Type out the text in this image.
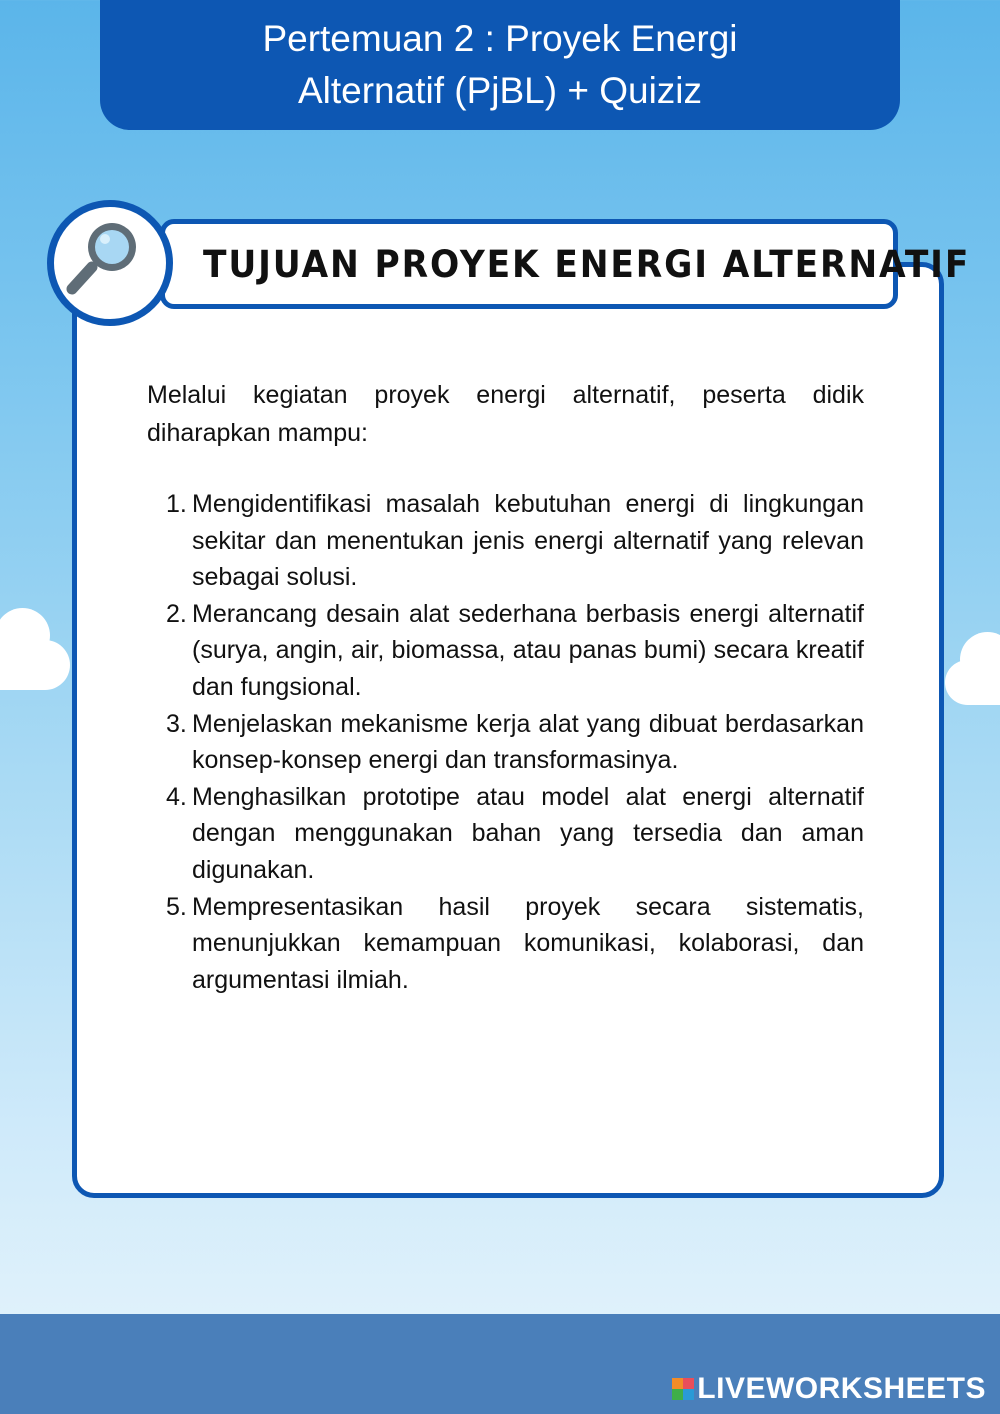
Pertemuan 2 : Proyek Energi Alternatif (PjBL) + Quiziz
TUJUAN PROYEK ENERGI ALTERNATIF

Melalui kegiatan proyek energi alternatif, peserta didik diharapkan mampu:

1. Mengidentifikasi masalah kebutuhan energi di lingkungan sekitar dan menentukan jenis energi alternatif yang relevan sebagai solusi.
2. Merancang desain alat sederhana berbasis energi alternatif (surya, angin, air, biomassa, atau panas bumi) secara kreatif dan fungsional.
3. Menjelaskan mekanisme kerja alat yang dibuat berdasarkan konsep-konsep energi dan transformasinya.
4. Menghasilkan prototipe atau model alat energi alternatif dengan menggunakan bahan yang tersedia dan aman digunakan.
5. Mempresentasikan hasil proyek secara sistematis, menunjukkan kemampuan komunikasi, kolaborasi, dan argumentasi ilmiah.
LIVEWORKSHEETS
